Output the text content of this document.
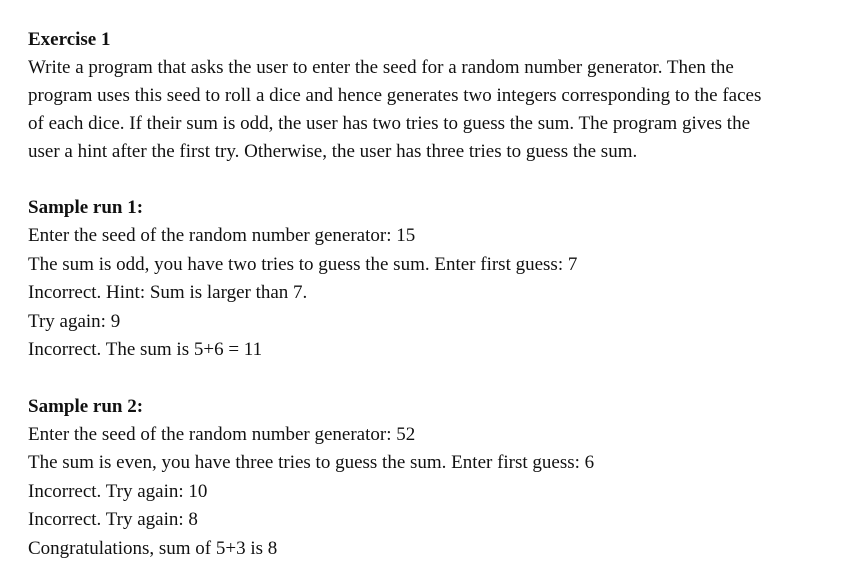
Exercise 1

Write a program that asks the user to enter the seed for a random number generator. Then the

program uses this seed to roll a dice and hence generates two integers corresponding to the faces

of each dice. If their sum is odd, the user has two tries to guess the sum. The program gives the

user a hint after the first try. Otherwise, the user has three tries to guess the sum.

Sample run 1:

Enter the seed of the random number generator: 15

The sum is odd, you have two tries to guess the sum. Enter first guess: 7

Incorrect. Hint: Sum is larger than 7.

Try again: 9

Incorrect. The sum is 5+6 = 11

Sample run 2:

Enter the seed of the random number generator: 52

The sum is even, you have three tries to guess the sum. Enter first guess: 6

Incorrect. Try again: 10

Incorrect. Try again: 8

Congratulations, sum of 5+3 is 8
